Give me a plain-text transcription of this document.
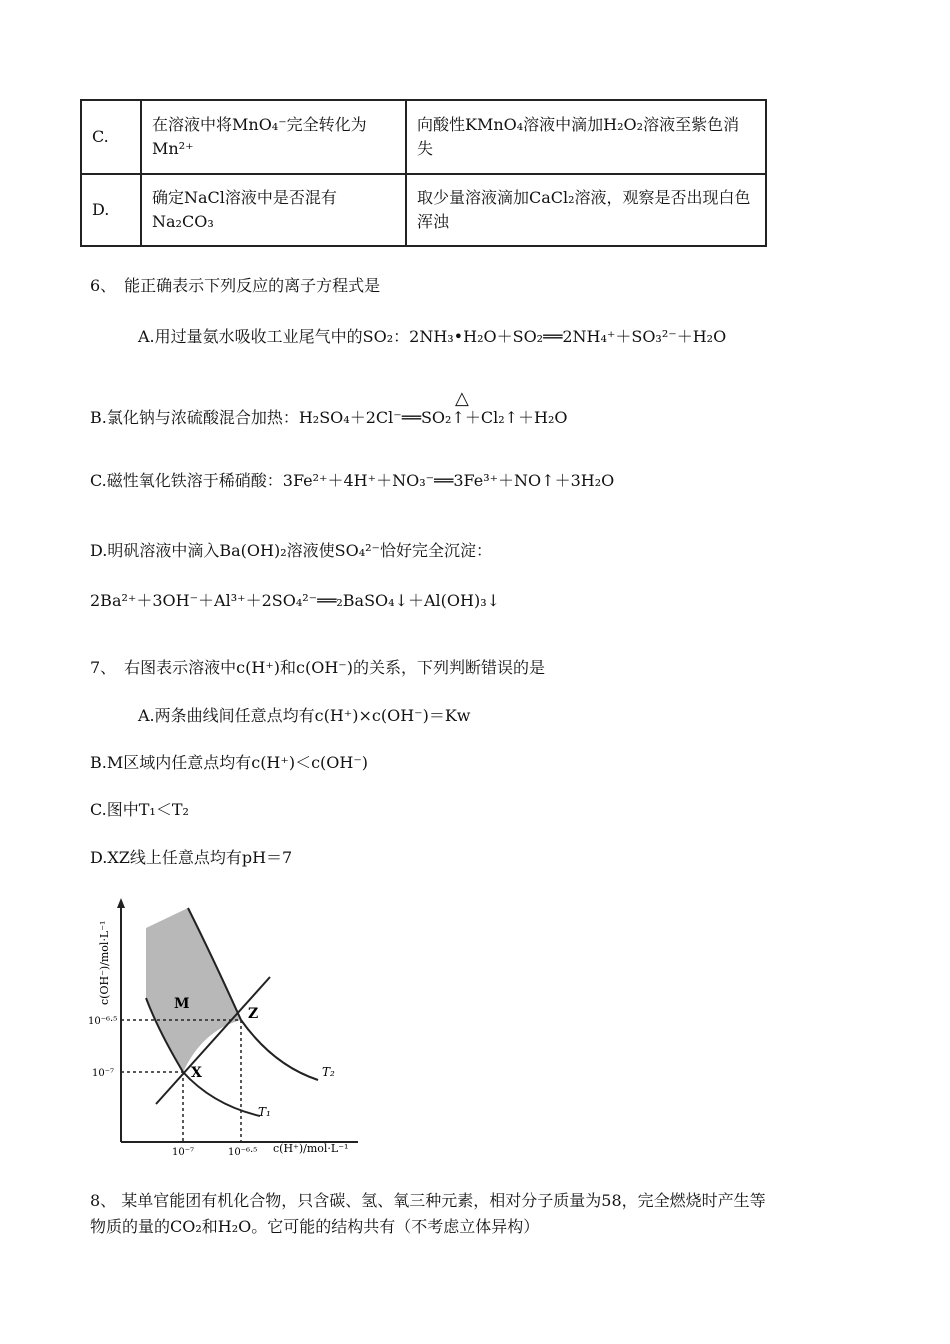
C.	在溶液中将MnO₄⁻完全转化为Mn²⁺	向酸性KMnO₄溶液中滴加H₂O₂溶液至紫色消失
D.	确定NaCl溶液中是否混有Na₂CO₃	取少量溶液滴加CaCl₂溶液，观察是否出现白色浑浊
6、　能正确表示下列反应的离子方程式是
A.用过量氨水吸收工业尾气中的SO₂：2NH₃•H₂O＋SO₂══2NH₄⁺＋SO₃²⁻＋H₂O
△
B.氯化钠与浓硫酸混合加热：H₂SO₄＋2Cl⁻══SO₂↑＋Cl₂↑＋H₂O
C.磁性氧化铁溶于稀硝酸：3Fe²⁺＋4H⁺＋NO₃⁻══3Fe³⁺＋NO↑＋3H₂O
D.明矾溶液中滴入Ba(OH)₂溶液使SO₄²⁻恰好完全沉淀：
2Ba²⁺＋3OH⁻＋Al³⁺＋2SO₄²⁻══₂BaSO₄↓＋Al(OH)₃↓
7、　右图表示溶液中c(H⁺)和c(OH⁻)的关系，下列判断错误的是
A.两条曲线间任意点均有c(H⁺)×c(OH⁻)＝Kw
B.M区域内任意点均有c(H⁺)＜c(OH⁻)
C.图中T₁＜T₂
D.XZ线上任意点均有pH＝7
c(OH⁻)/mol·L⁻¹
10⁻⁶·⁵
10⁻⁷
10⁻⁷	10⁻⁶·⁵ c(H⁺)/mol·L⁻¹
M
Z
X	T₂
T₁
8、 某单官能团有机化合物，只含碳、氢、氧三种元素，相对分子质量为58，完全燃烧时产生等
物质的量的CO₂和H₂O。它可能的结构共有（不考虑立体异构）
